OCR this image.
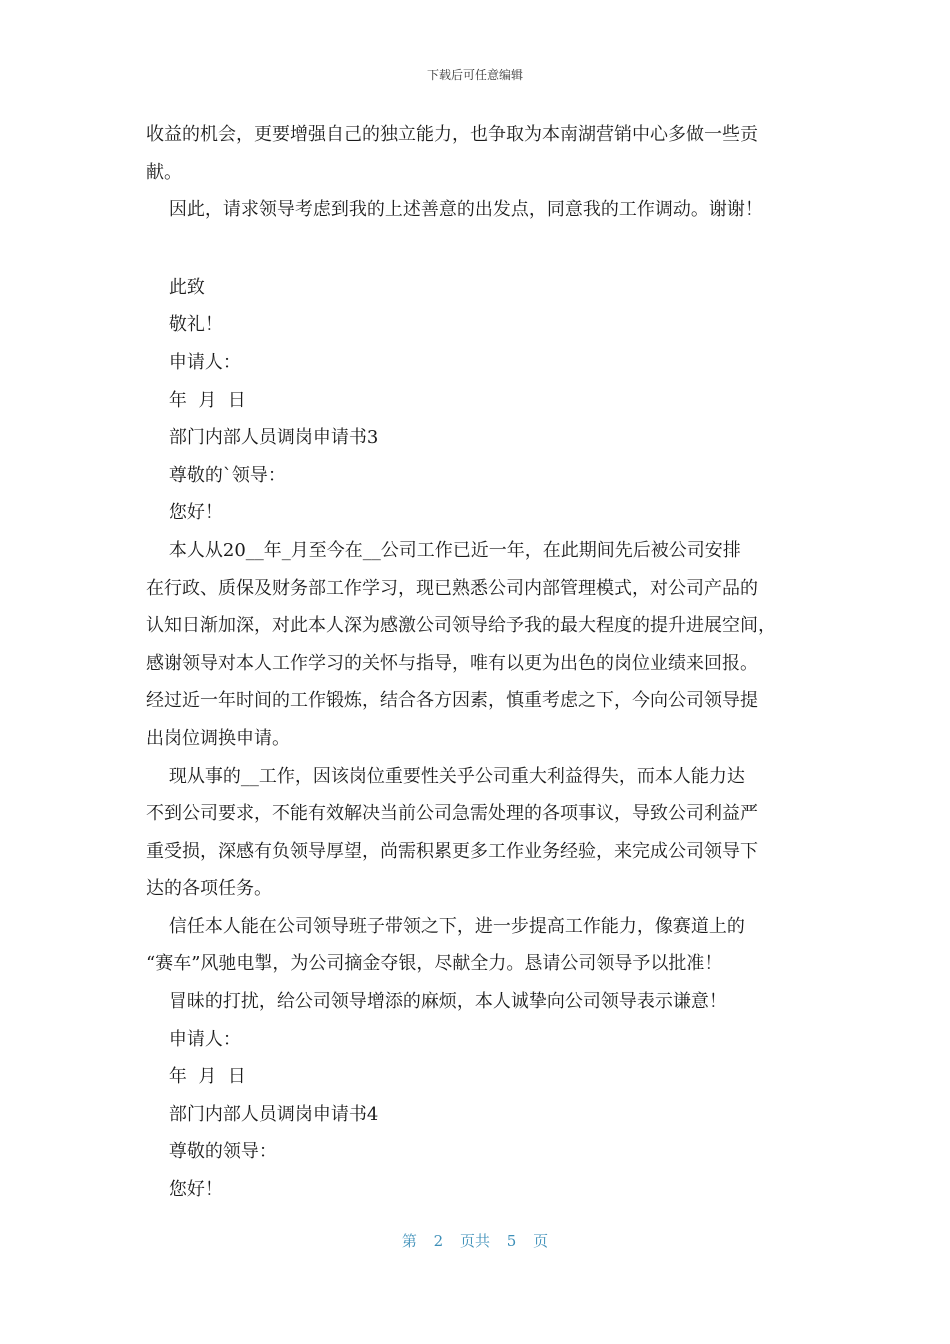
下载后可任意编辑
收益的机会，更要增强自己的独立能力，也争取为本南湖营销中心多做一些贡
献。
因此，请求领导考虑到我的上述善意的出发点，同意我的工作调动。谢谢！
此致
敬礼！
申请人：
年  月  日
部门内部人员调岗申请书3
尊敬的`领导：
您好！
本人从20__年_月至今在__公司工作已近一年，在此期间先后被公司安排
在行政、质保及财务部工作学习，现已熟悉公司内部管理模式，对公司产品的
认知日渐加深，对此本人深为感激公司领导给予我的最大程度的提升进展空间，
感谢领导对本人工作学习的关怀与指导，唯有以更为出色的岗位业绩来回报。
经过近一年时间的工作锻炼，结合各方因素，慎重考虑之下，今向公司领导提
出岗位调换申请。
现从事的__工作，因该岗位重要性关乎公司重大利益得失，而本人能力达
不到公司要求，不能有效解决当前公司急需处理的各项事议，导致公司利益严
重受损，深感有负领导厚望，尚需积累更多工作业务经验，来完成公司领导下
达的各项任务。
信任本人能在公司领导班子带领之下，进一步提高工作能力，像赛道上的
“赛车”风驰电掣，为公司摘金夺银，尽献全力。恳请公司领导予以批准！
冒昧的打扰，给公司领导增添的麻烦，本人诚挚向公司领导表示谦意！
申请人：
年  月  日
部门内部人员调岗申请书4
尊敬的领导：
您好！
第 2 页共 5 页
